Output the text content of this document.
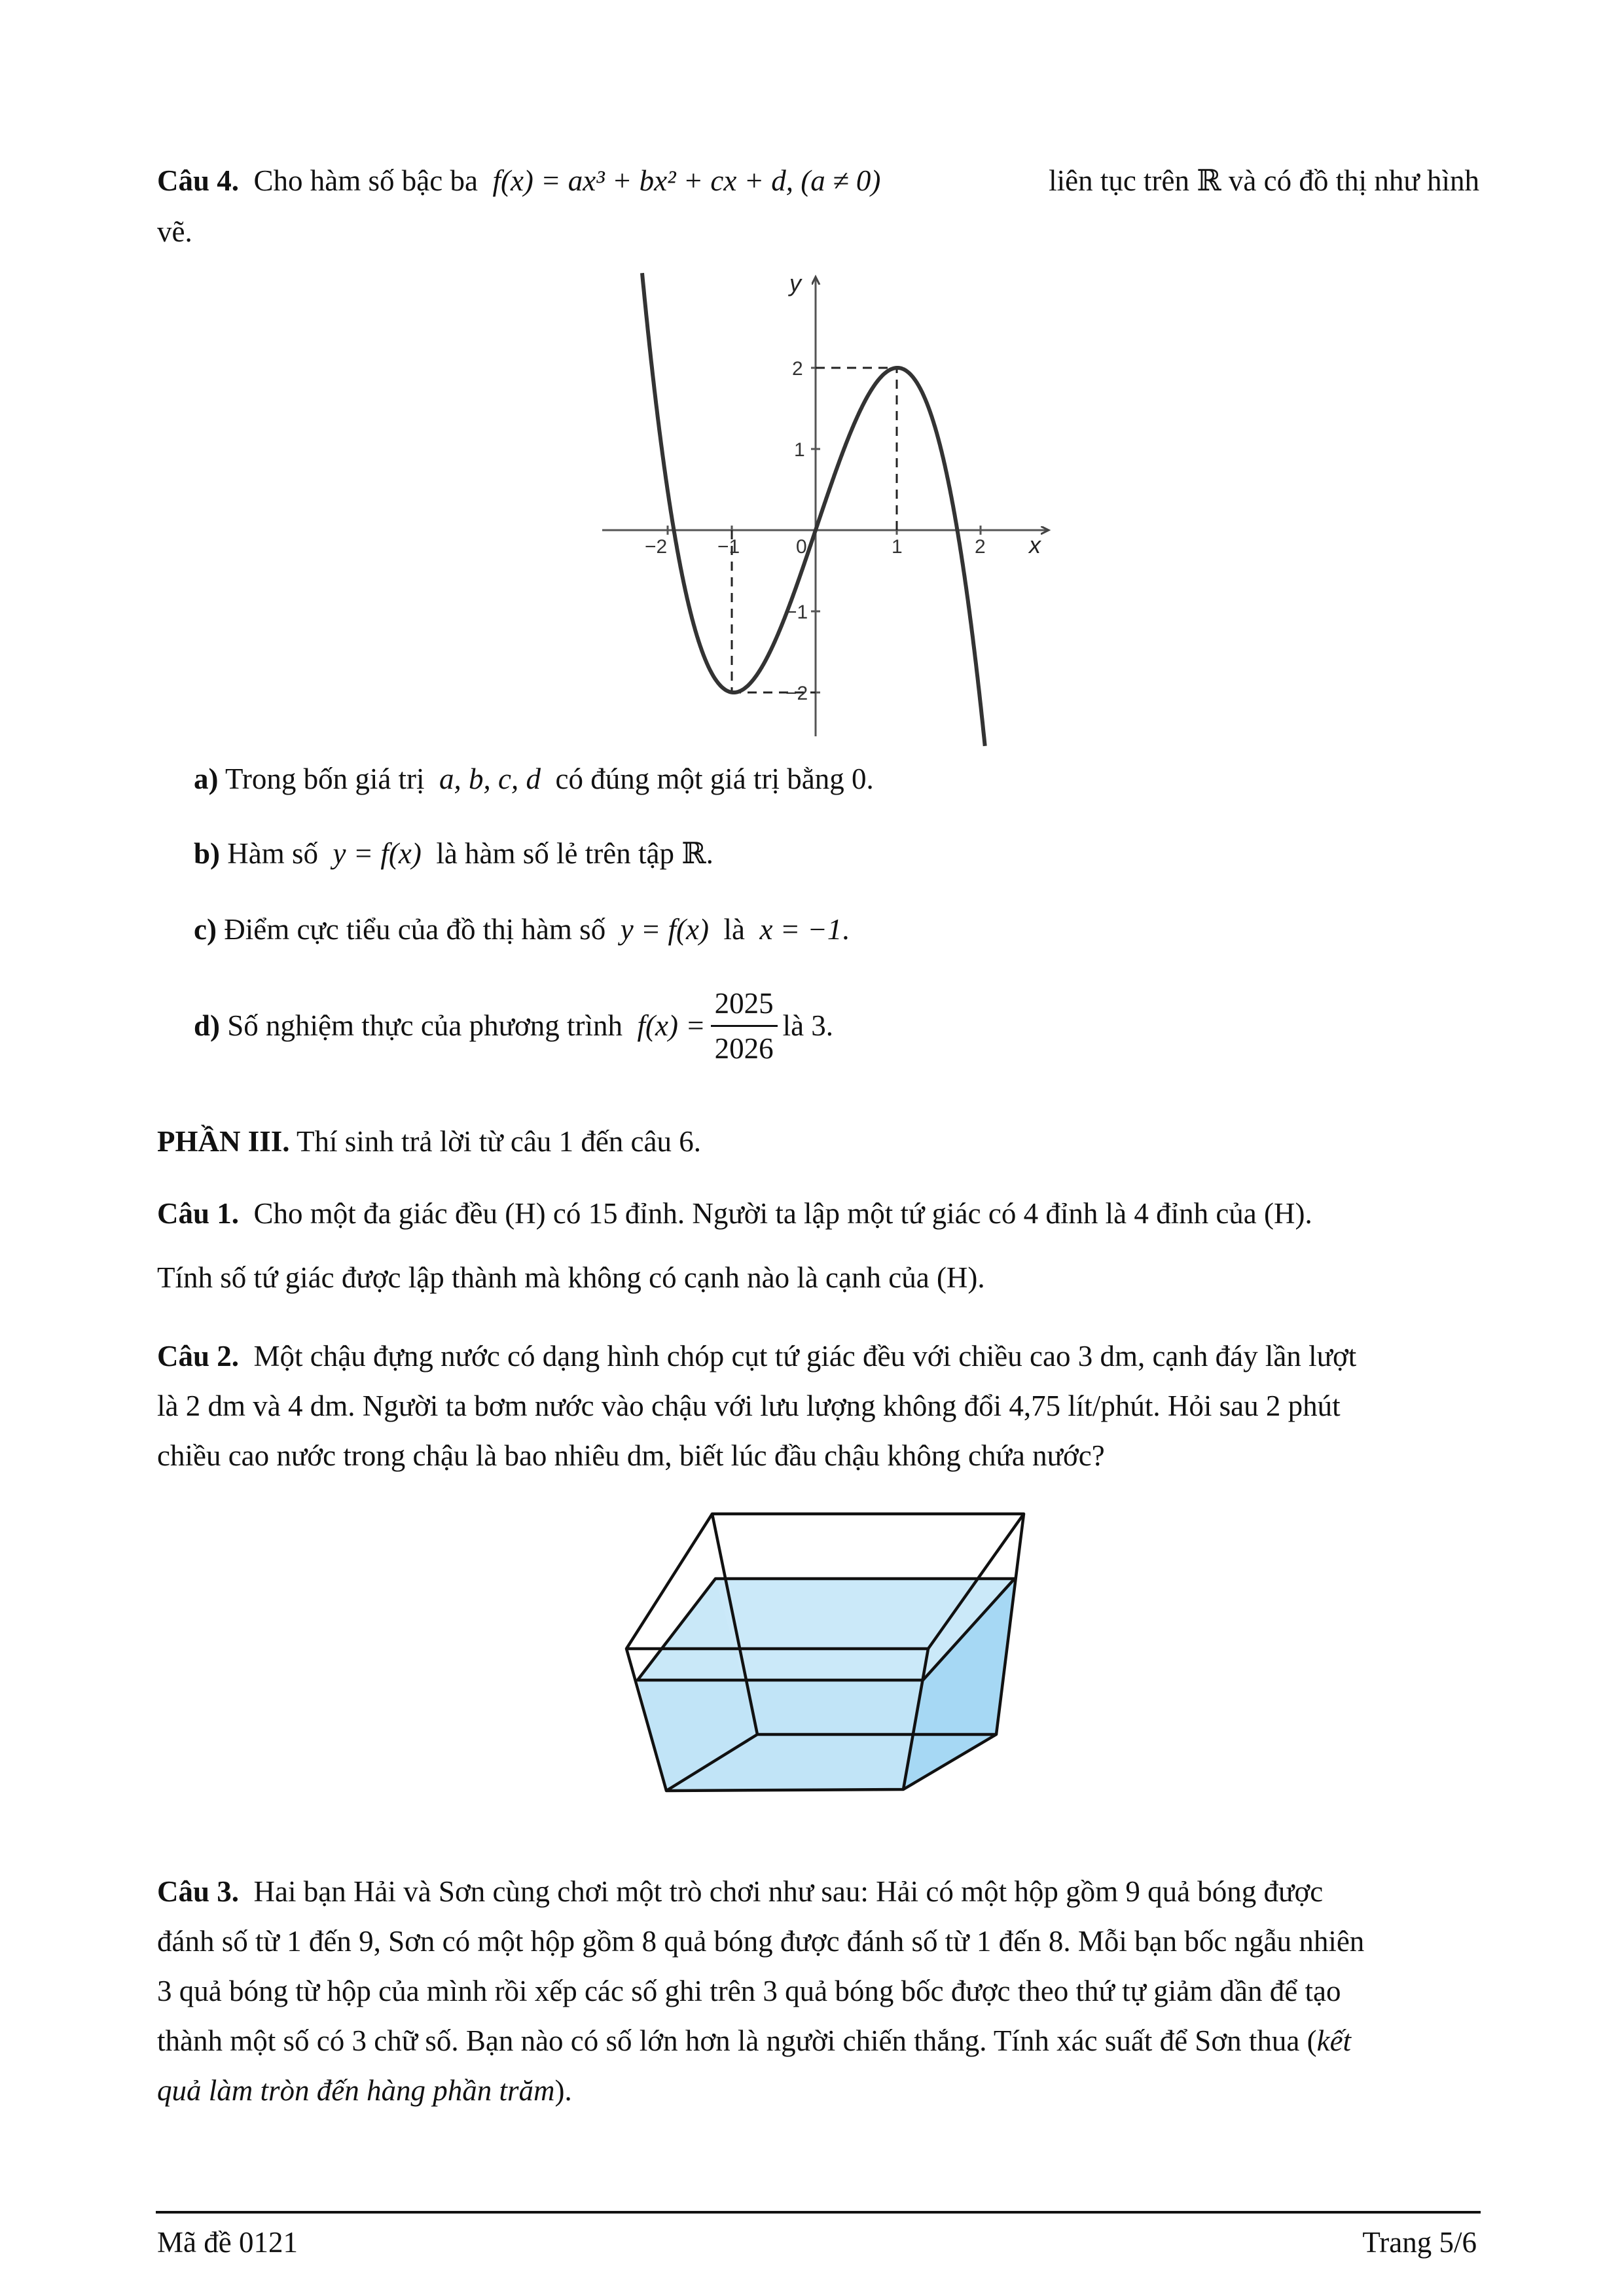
Câu 4. Cho hàm số bậc ba f(x) = ax³ + bx² + cx + d, (a ≠ 0)	liên tục trên ℝ và có đồ thị như hình
vẽ.
−2	−1	0	1	2
2
1
−1
−2
x
y
a) Trong bốn giá trị a, b, c, d có đúng một giá trị bằng 0.
b) Hàm số y = f(x) là hàm số lẻ trên tập ℝ.
c) Điểm cực tiểu của đồ thị hàm số y = f(x) là x = −1.
d)
Số nghiệm thực của phương trình
$f(x) = \frac{2025}{2026}$ là 3.
PHẦN III. Thí sinh trả lời từ câu 1 đến câu 6.
Câu 1. Cho một đa giác đều (H) có 15 đỉnh. Người ta lập một tứ giác có 4 đỉnh là 4 đỉnh của (H).
Tính số tứ giác được lập thành mà không có cạnh nào là cạnh của (H).
Câu 2. Một chậu đựng nước có dạng hình chóp cụt tứ giác đều với chiều cao 3 dm, cạnh đáy lần lượt
là 2 dm và 4 dm. Người ta bơm nước vào chậu với lưu lượng không đổi 4,75 lít/phút. Hỏi sau 2 phút
chiều cao nước trong chậu là bao nhiêu dm, biết lúc đầu chậu không chứa nước?
Câu 3. Hai bạn Hải và Sơn cùng chơi một trò chơi như sau: Hải có một hộp gồm 9 quả bóng được
đánh số từ 1 đến 9, Sơn có một hộp gồm 8 quả bóng được đánh số từ 1 đến 8. Mỗi bạn bốc ngẫu nhiên
3 quả bóng từ hộp của mình rồi xếp các số ghi trên 3 quả bóng bốc được theo thứ tự giảm dần để tạo
thành một số có 3 chữ số. Bạn nào có số lớn hơn là người chiến thắng. Tính xác suất để Sơn thua (kết
quả làm tròn đến hàng phần trăm).
Mã đề 0121	Trang 5/6
